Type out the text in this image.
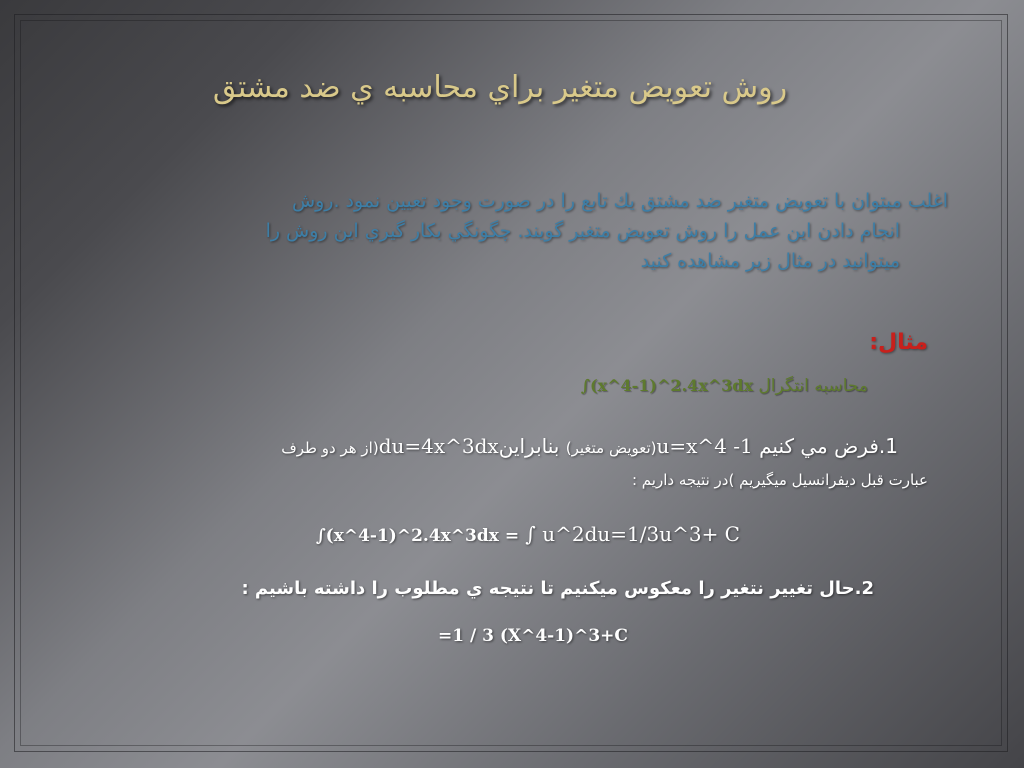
روش تعويض متغير براي محاسبه ي ضد مشتق
اغلب ميتوان با تعويض متغير ضد مشتق يك تابع را در صورت وجود تعيين نمود .روش
انجام دادن اين عمل را روش تعويض متغير گويند. چگونگي بكار گيري اين روش را
ميتوانيد در مثال زير مشاهده كنيد
مثال:
محاسبه انتگرال ∫(x^4-1)^2.4x^3dx
1.فرض مي كنيم u=x^4 -1(تعويض متغير) بنابراينdu=4x^3dx(از هر دو طرف
عبارت قبل ديفرانسيل ميگيريم )در نتيجه داريم :
∫(x^4-1)^2.4x^3dx = ∫ u^2du=1/3u^3+ C
2.حال تغيير نتغير را معكوس ميكنيم تا نتيجه ي مطلوب را داشته باشيم :
=1 / 3 (X^4-1)^3+C
